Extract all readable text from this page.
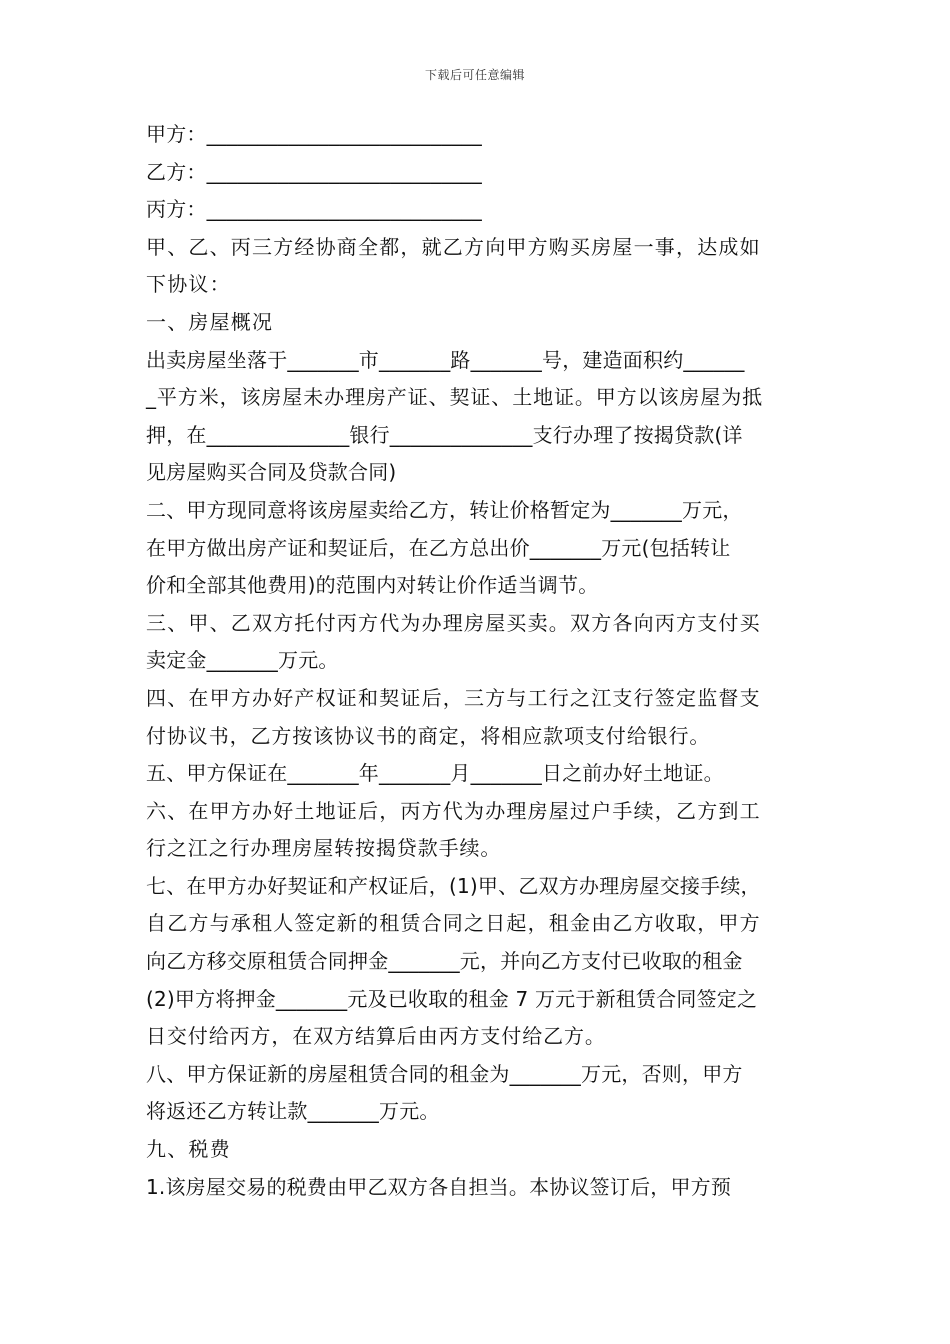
下载后可任意编辑
甲方：___________________________
乙方：___________________________
丙方：___________________________
甲、乙、丙三方经协商全都，就乙方向甲方购买房屋一事，达成如
下协议：
一、房屋概况
出卖房屋坐落于_______市_______路_______号，建造面积约______
_平方米，该房屋未办理房产证、契证、土地证。甲方以该房屋为抵
押，在______________银行______________支行办理了按揭贷款(详
见房屋购买合同及贷款合同)
二、甲方现同意将该房屋卖给乙方，转让价格暂定为_______万元，
在甲方做出房产证和契证后，在乙方总出价_______万元(包括转让
价和全部其他费用)的范围内对转让价作适当调节。
三、甲、乙双方托付丙方代为办理房屋买卖。双方各向丙方支付买
卖定金_______万元。
四、在甲方办好产权证和契证后，三方与工行之江支行签定监督支
付协议书，乙方按该协议书的商定，将相应款项支付给银行。
五、甲方保证在_______年_______月_______日之前办好土地证。
六、在甲方办好土地证后，丙方代为办理房屋过户手续，乙方到工
行之江之行办理房屋转按揭贷款手续。
七、在甲方办好契证和产权证后，(1)甲、乙双方办理房屋交接手续，
自乙方与承租人签定新的租赁合同之日起，租金由乙方收取，甲方
向乙方移交原租赁合同押金_______元，并向乙方支付已收取的租金
(2)甲方将押金_______元及已收取的租金 7 万元于新租赁合同签定之
日交付给丙方，在双方结算后由丙方支付给乙方。
八、甲方保证新的房屋租赁合同的租金为_______万元，否则，甲方
将返还乙方转让款_______万元。
九、税费
1.该房屋交易的税费由甲乙双方各自担当。本协议签订后，甲方预
